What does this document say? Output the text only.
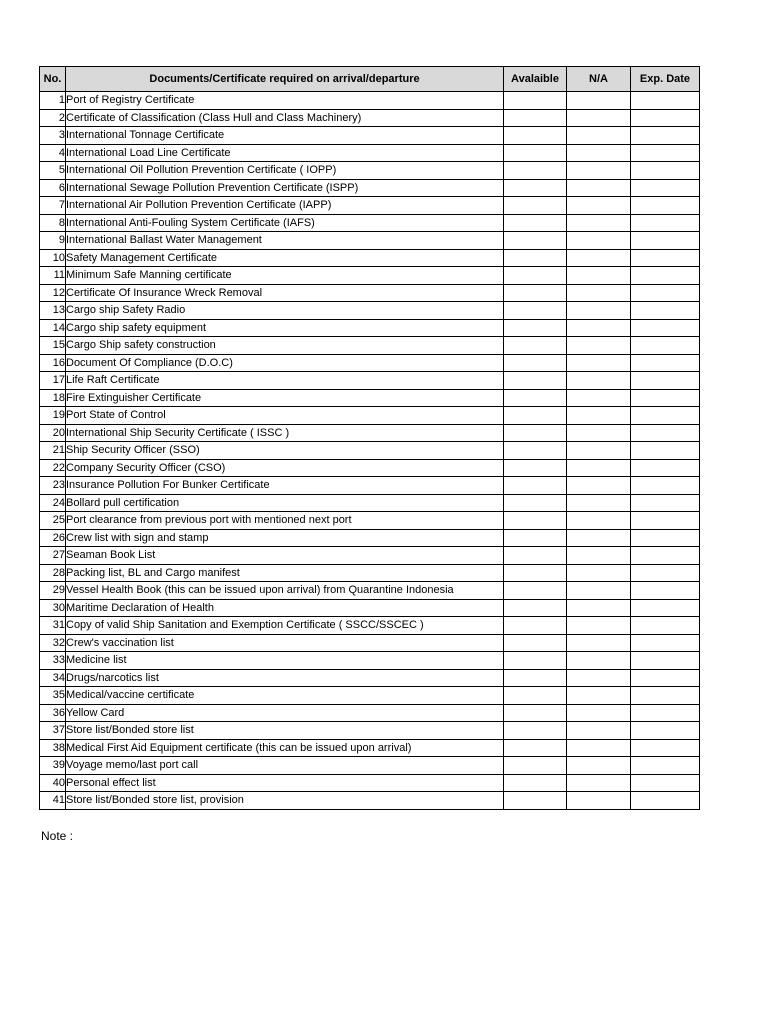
No.	Documents/Certificate required on arrival/departure	Avalaible	N/A	Exp. Date
1	Port of Registry Certificate			
2	Certificate of Classification (Class Hull and Class Machinery)			
3	International Tonnage Certificate			
4	International Load Line Certificate			
5	International Oil Pollution Prevention Certificate ( IOPP)			
6	International Sewage Pollution Prevention Certificate (ISPP)			
7	International Air Pollution Prevention Certificate (IAPP)			
8	International Anti-Fouling System Certificate (IAFS)			
9	International Ballast Water Management			
10	Safety Management Certificate			
11	Minimum Safe Manning certificate			
12	Certificate Of Insurance Wreck Removal			
13	Cargo ship Safety Radio			
14	Cargo ship safety equipment			
15	Cargo Ship safety construction			
16	Document Of Compliance (D.O.C)			
17	Life Raft Certificate			
18	Fire Extinguisher Certificate			
19	Port State of Control			
20	International Ship Security Certificate ( ISSC )			
21	Ship Security Officer (SSO)			
22	Company Security Officer (CSO)			
23	Insurance Pollution For Bunker Certificate			
24	Bollard pull certification			
25	Port clearance from previous port with mentioned next port			
26	Crew list with sign and stamp			
27	Seaman Book List			
28	Packing list, BL and Cargo manifest			
29	Vessel Health Book (this can be issued upon arrival) from Quarantine Indonesia			
30	Maritime Declaration of Health			
31	Copy of valid Ship Sanitation and Exemption Certificate ( SSCC/SSCEC )			
32	Crew's vaccination list			
33	Medicine list			
34	Drugs/narcotics list			
35	Medical/vaccine certificate			
36	Yellow Card			
37	Store list/Bonded store list			
38	Medical First Aid Equipment certificate (this can be issued upon arrival)			
39	Voyage memo/last port call			
40	Personal effect list			
41	Store list/Bonded store list, provision			
Note :
